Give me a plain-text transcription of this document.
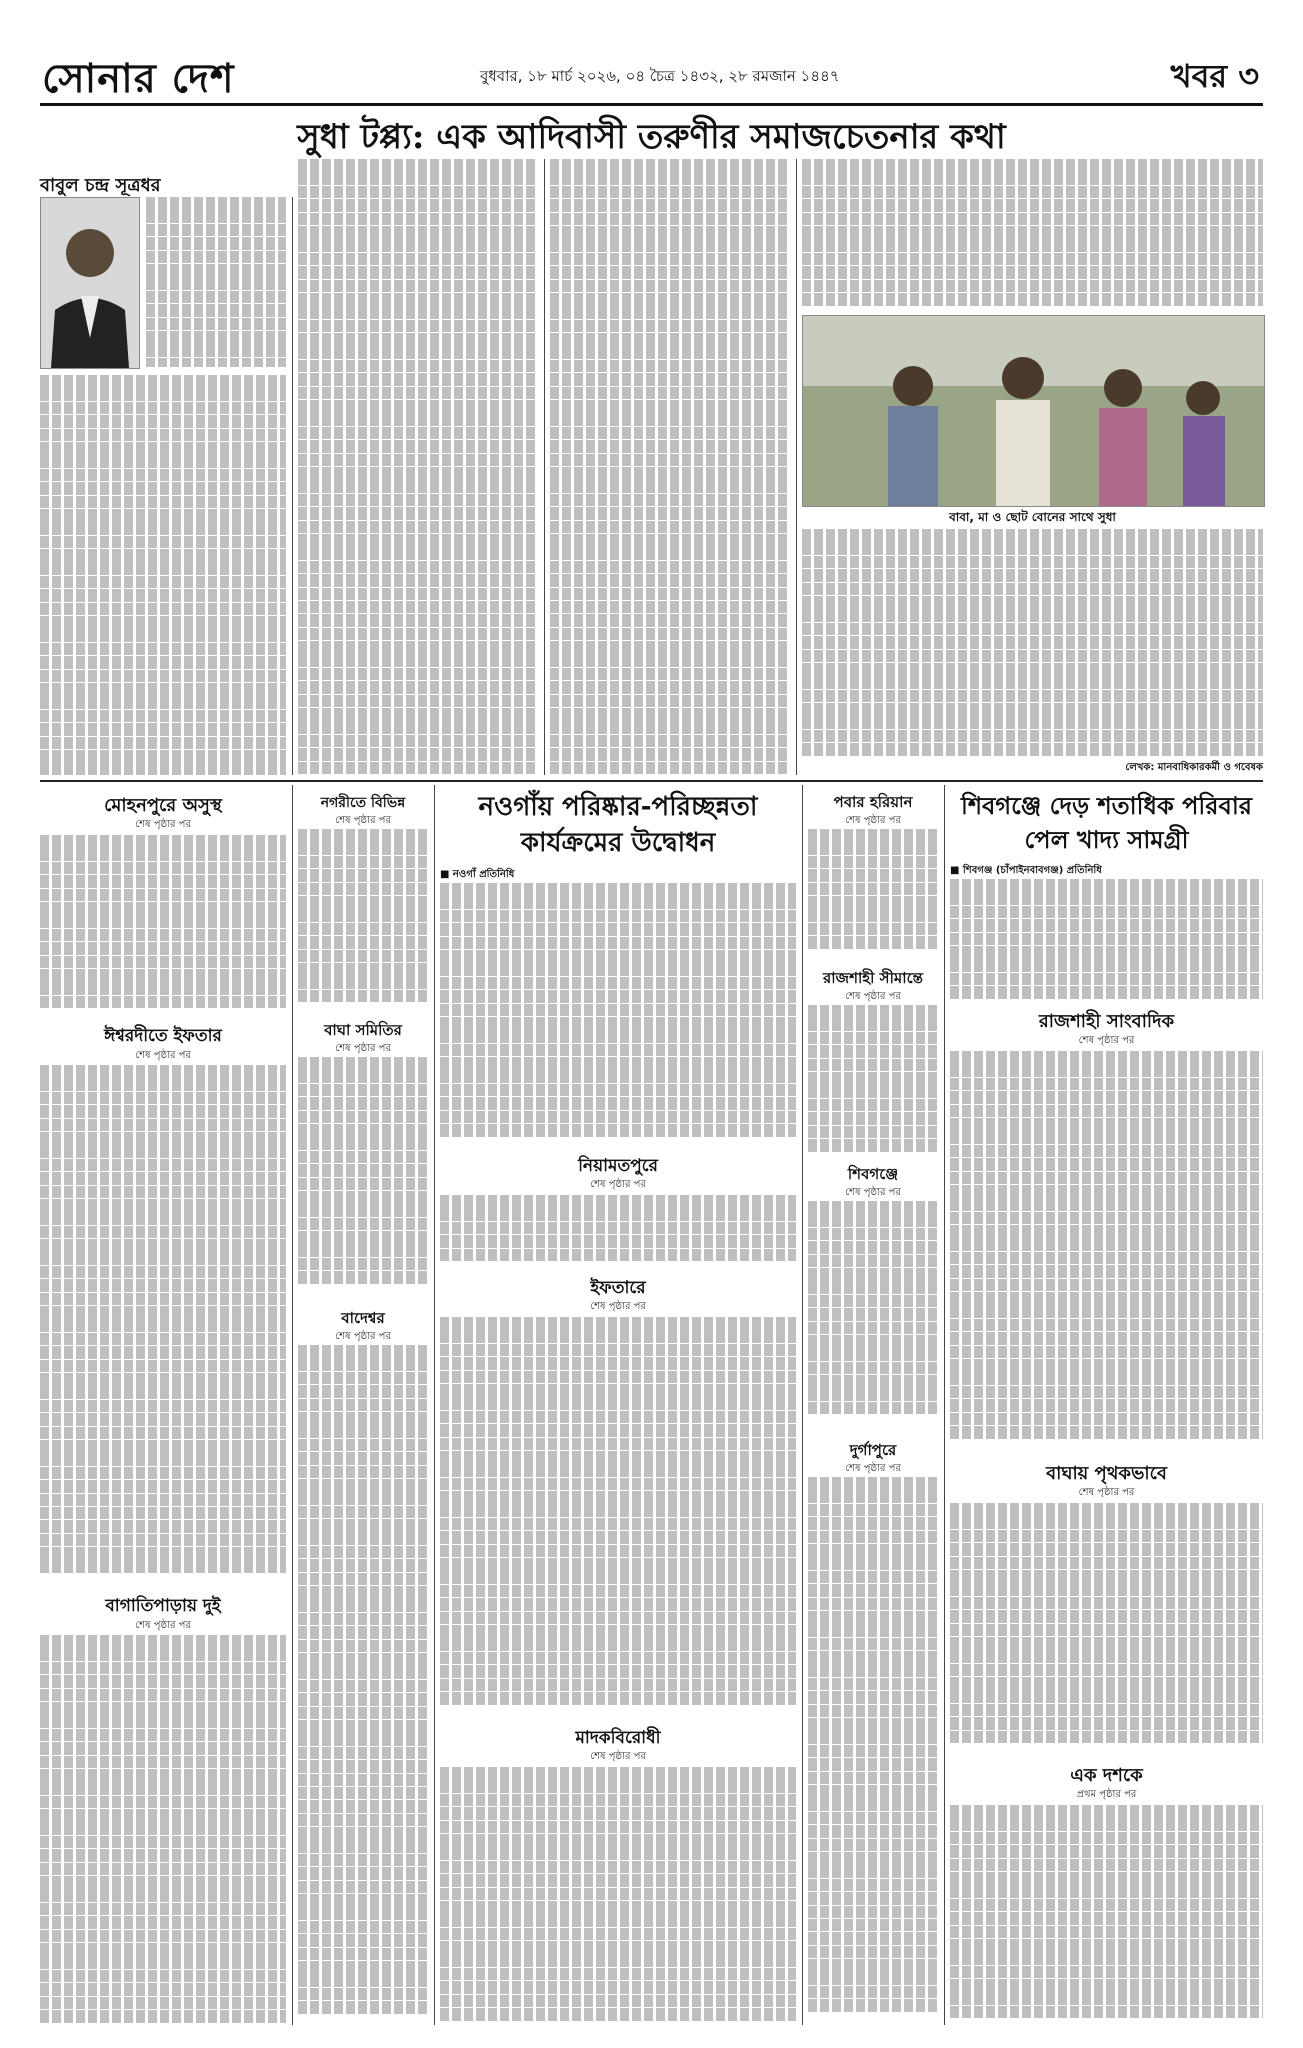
সোনার দেশ	বুধবার, ১৮ মার্চ ২০২৬, ০৪ চৈত্র ১৪৩২, ২৮ রমজান ১৪৪৭	খবর ৩
সুধা টপ্প্য: এক আদিবাসী তরুণীর সমাজচেতনার কথা
বাবুল চন্দ্র সূত্রধর
বাবা, মা ও ছোট বোনের সাথে সুধা
লেখক: মানবাধিকারকর্মী ও গবেষক
মোহনপুরে অসুস্থ
শেষ পৃষ্ঠার পর
ঈশ্বরদীতে ইফতার
শেষ পৃষ্ঠার পর
বাগাতিপাড়ায় দুই
শেষ পৃষ্ঠার পর
নগরীতে বিভিন্ন
শেষ পৃষ্ঠার পর
বাঘা সমিতির
শেষ পৃষ্ঠার পর
বাদেশ্বর
শেষ পৃষ্ঠার পর
নওগাঁয় পরিষ্কার-পরিচ্ছন্নতা কার্যক্রমের উদ্বোধন
■ নওগাঁ প্রতিনিধি
নিয়ামতপুরে
শেষ পৃষ্ঠার পর
ইফতারে
শেষ পৃষ্ঠার পর
মাদকবিরোধী
শেষ পৃষ্ঠার পর
পবার হরিয়ান
শেষ পৃষ্ঠার পর
রাজশাহী সীমান্তে
শেষ পৃষ্ঠার পর
শিবগঞ্জে
শেষ পৃষ্ঠার পর
দুর্গাপুরে
শেষ পৃষ্ঠার পর
শিবগঞ্জে দেড় শতাধিক পরিবার পেল খাদ্য সামগ্রী
■ শিবগঞ্জ (চাঁপাইনবাবগঞ্জ) প্রতিনিধি
রাজশাহী সাংবাদিক
শেষ পৃষ্ঠার পর
বাঘায় পৃথকভাবে
শেষ পৃষ্ঠার পর
এক দশকে
প্রথম পৃষ্ঠার পর
